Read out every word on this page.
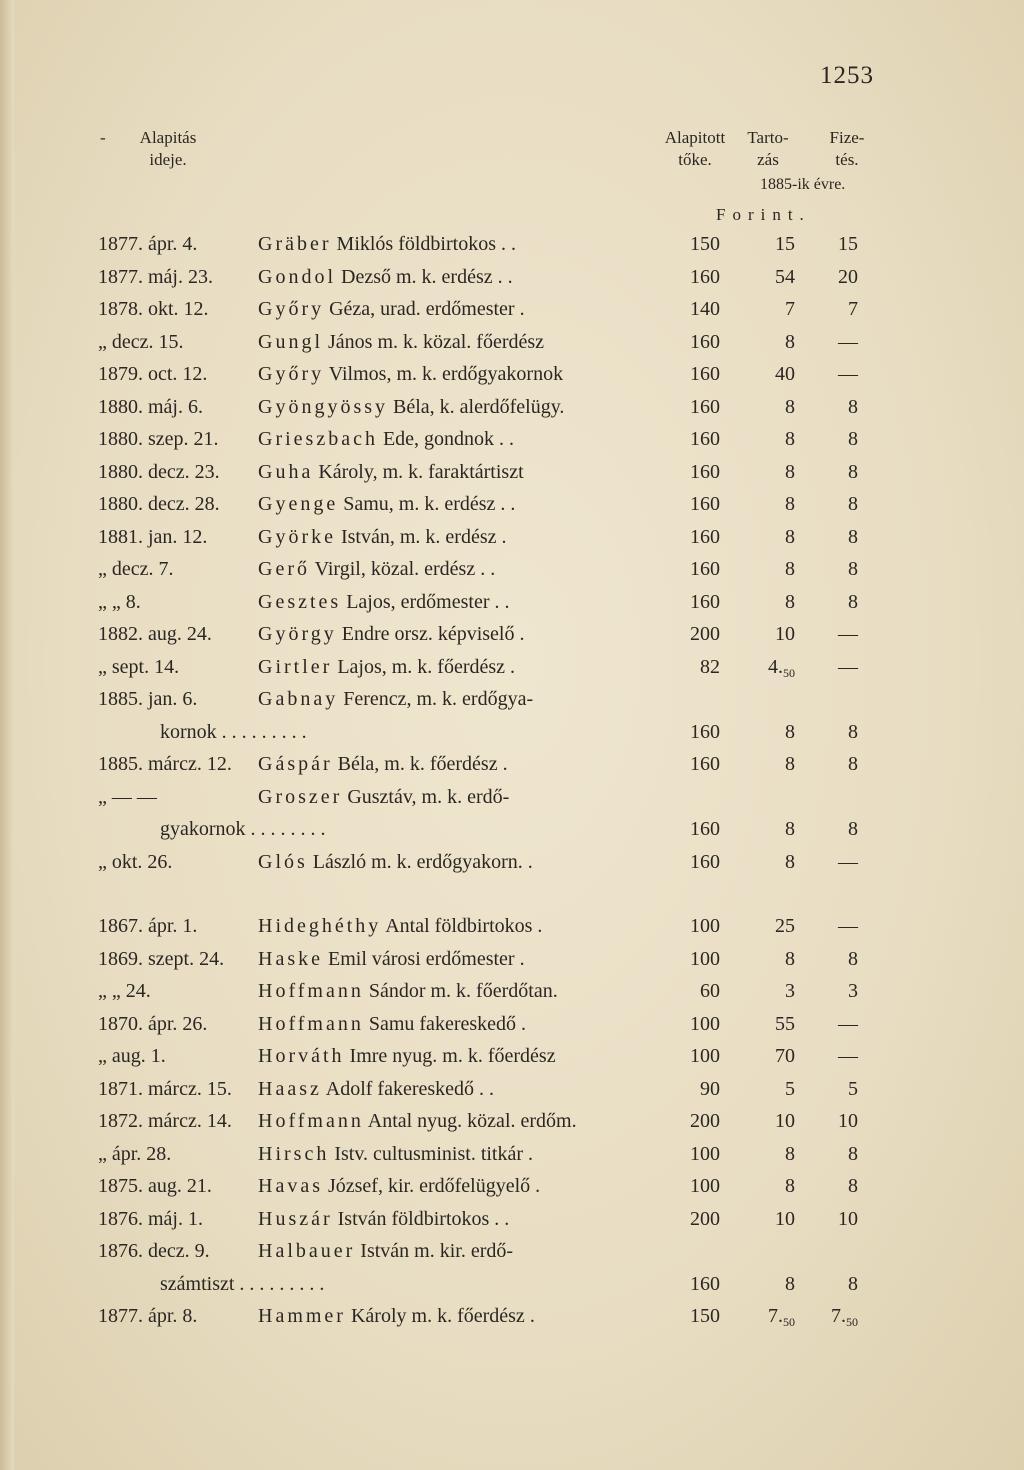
1253
-	Alapitás
ideje.
Alapitott
tőke.
Tarto-
zás
Fize-
tés.
1885-ik évre.
Forint.
1877. ápr. 4.	Gräber Miklós földbirtokos . .	150	15	15
1877. máj. 23. Gondol Dezső m. k. erdész . .	160	54	20
1878. okt. 12. Győry Géza, urad. erdőmester .	140	7	7
„ decz. 15.	Gungl János m. k. közal. főerdész	160	8	—
1879. oct. 12.	Győry Vilmos, m. k. erdőgyakornok	160	40	—
1880. máj. 6.	Gyöngyössy Béla, k. alerdőfelügy.	160	8	8
1880. szep. 21. Grieszbach Ede, gondnok . .	160	8	8
1880. decz. 23. Guha Károly, m. k. faraktártiszt	160	8	8
1880. decz. 28. Gyenge Samu, m. k. erdész . .	160	8	8
1881. jan. 12.	Györke István, m. k. erdész .	160	8	8
„ decz. 7.	Gerő Virgil, közal. erdész . .	160	8	8
„ „ 8.	Gesztes Lajos, erdőmester . .	160	8	8
1882. aug. 24. György Endre orsz. képviselő .	200	10	—
„ sept. 14.	Girtler Lajos, m. k. főerdész .	82	$4._{50}$	—
1885. jan. 6.	Gabnay Ferencz, m. k. erdőgya-
kornok . . . . . . . . .	160	8	8
1885. márcz. 12. Gáspár Béla, m. k. főerdész .	160	8	8
„ — —	Groszer Gusztáv, m. k. erdő-
gyakornok . . . . . . . .	160	8	8
„ okt. 26.	Glós László m. k. erdőgyakorn. .	160	8	—
1867. ápr. 1.	Hideghéthy Antal földbirtokos .	100	25	—
1869. szept. 24. Haske Emil városi erdőmester .	100	8	8
„ „ 24.	Hoffmann Sándor m. k. főerdőtan.	60	3	3
1870. ápr. 26.	Hoffmann Samu fakereskedő .	100	55	—
„ aug. 1.	Horváth Imre nyug. m. k. főerdész	100	70	—
1871. márcz. 15. Haasz Adolf fakereskedő . .	90	5	5
1872. márcz. 14. Hoffmann Antal nyug. közal. erdőm.	200	10	10
„ ápr. 28.	Hirsch Istv. cultusminist. titkár .	100	8	8
1875. aug. 21. Havas József, kir. erdőfelügyelő .	100	8	8
1876. máj. 1.	Huszár István földbirtokos . .	200	10	10
1876. decz. 9. Halbauer István m. kir. erdő-
számtiszt . . . . . . . . .	160	8	8
1877. ápr. 8.	Hammer Károly m. k. főerdész .	150	$7._{50}$	$7._{50}$
